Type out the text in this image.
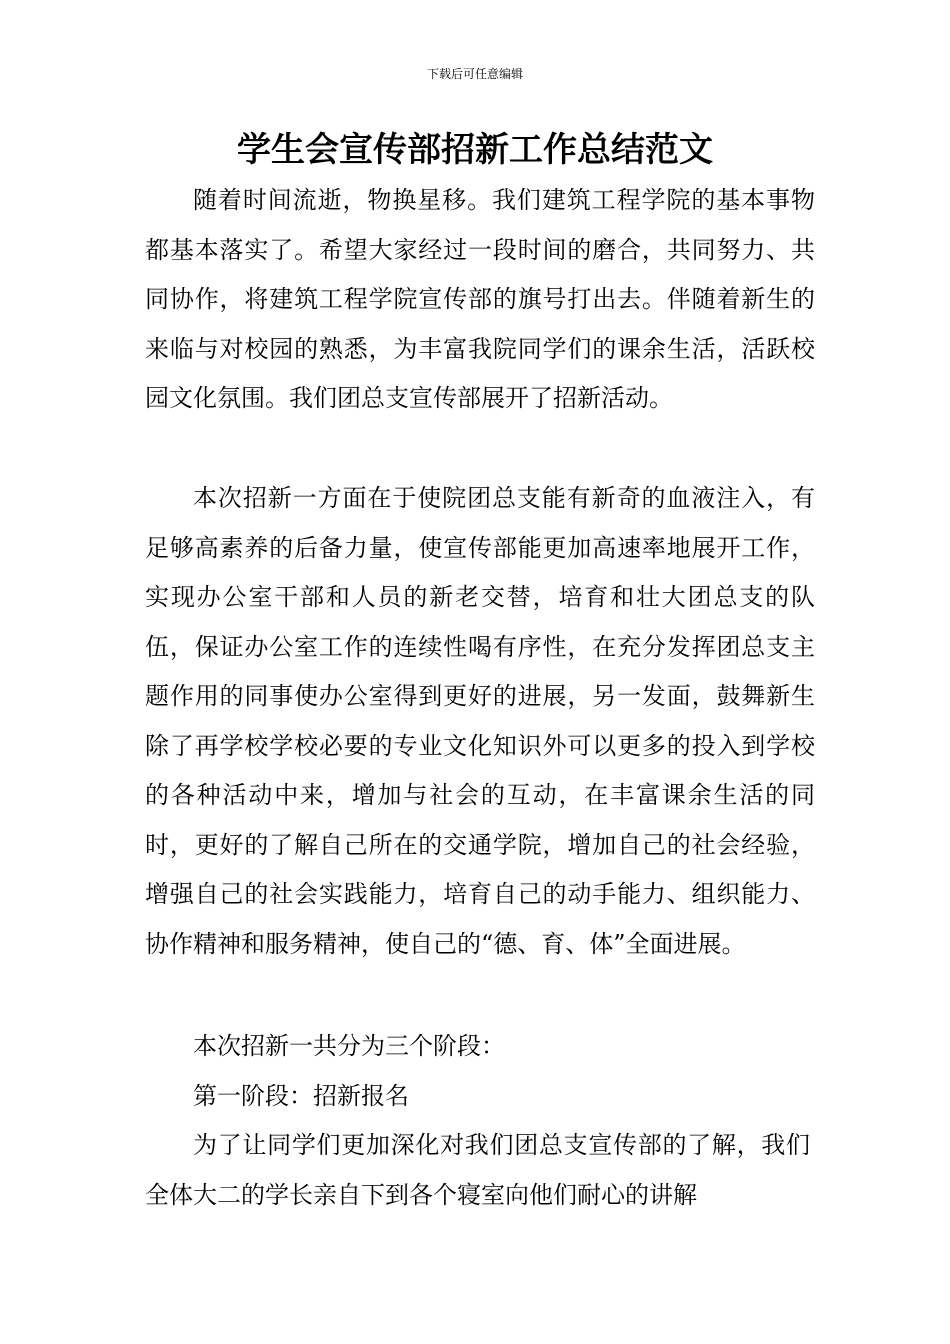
下载后可任意编辑
学生会宣传部招新工作总结范文

随着时间流逝，物换星移。我们建筑工程学院的基本事物都基本落实了。希望大家经过一段时间的磨合，共同努力、共同协作，将建筑工程学院宣传部的旗号打出去。伴随着新生的来临与对校园的熟悉，为丰富我院同学们的课余生活，活跃校园文化氛围。我们团总支宣传部展开了招新活动。

本次招新一方面在于使院团总支能有新奇的血液注入，有足够高素养的后备力量，使宣传部能更加高速率地展开工作，实现办公室干部和人员的新老交替，培育和壮大团总支的队伍，保证办公室工作的连续性喝有序性，在充分发挥团总支主题作用的同事使办公室得到更好的进展，另一发面，鼓舞新生除了再学校学校必要的专业文化知识外可以更多的投入到学校的各种活动中来，增加与社会的互动，在丰富课余生活的同时，更好的了解自己所在的交通学院，增加自己的社会经验，增强自己的社会实践能力，培育自己的动手能力、组织能力、协作精神和服务精神，使自己的“德、育、体”全面进展。

本次招新一共分为三个阶段：

第一阶段：招新报名

为了让同学们更加深化对我们团总支宣传部的了解，我们全体大二的学长亲自下到各个寝室向他们耐心的讲解
